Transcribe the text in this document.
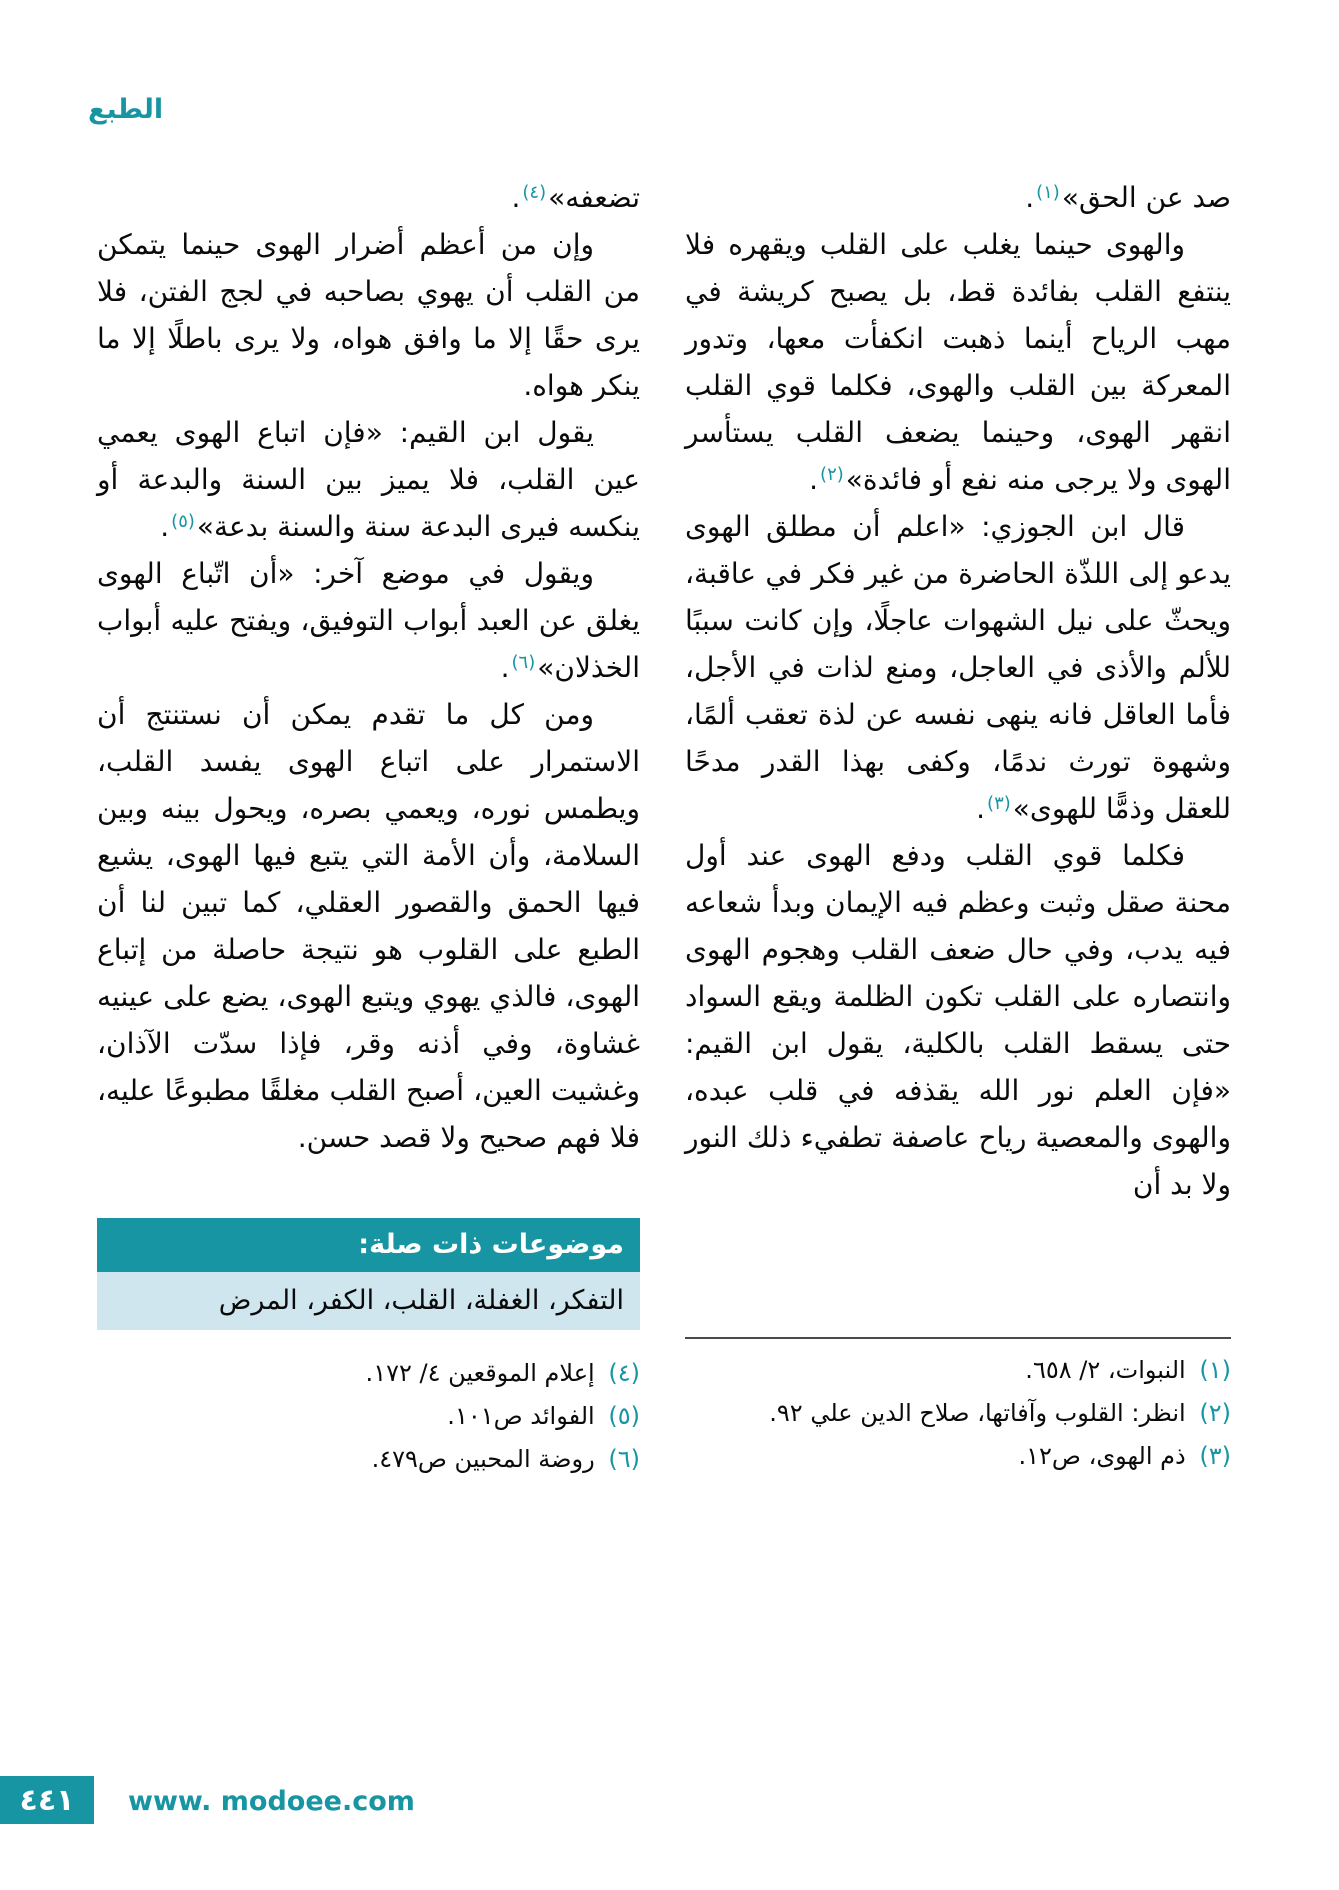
الطبع

صد عن الحق»$^{(١)}$.

والهوى حينما يغلب على القلب ويقهره فلا ينتفع القلب بفائدة قط، بل يصبح كريشة في مهب الرياح أينما ذهبت انكفأت معها، وتدور المعركة بين القلب والهوى، فكلما قوي القلب انقهر الهوى، وحينما يضعف القلب يستأسر الهوى ولا يرجى منه نفع أو فائدة»$^{(٢)}$.

قال ابن الجوزي: «اعلم أن مطلق الهوى يدعو إلى اللذّة الحاضرة من غير فكر في عاقبة، ويحثّ على نيل الشهوات عاجلًا، وإن كانت سببًا للألم والأذى في العاجل، ومنع لذات في الأجل، فأما العاقل فانه ينهى نفسه عن لذة تعقب ألمًا، وشهوة تورث ندمًا، وكفى بهذا القدر مدحًا للعقل وذمًّا للهوى»$^{(٣)}$.

فكلما قوي القلب ودفع الهوى عند أول محنة صقل وثبت وعظم فيه الإيمان وبدأ شعاعه فيه يدب، وفي حال ضعف القلب وهجوم الهوى وانتصاره على القلب تكون الظلمة ويقع السواد حتى يسقط القلب بالكلية، يقول ابن القيم: «فإن العلم نور الله يقذفه في قلب عبده، والهوى والمعصية رياح عاصفة تطفيء ذلك النور ولا بد أن

تضعفه»$^{(٤)}$.

وإن من أعظم أضرار الهوى حينما يتمكن من القلب أن يهوي بصاحبه في لجج الفتن، فلا يرى حقًا إلا ما وافق هواه، ولا يرى باطلًا إلا ما ينكر هواه.

يقول ابن القيم: «فإن اتباع الهوى يعمي عين القلب، فلا يميز بين السنة والبدعة أو ينكسه فيرى البدعة سنة والسنة بدعة»$^{(٥)}$.

ويقول في موضع آخر: «أن اتّباع الهوى يغلق عن العبد أبواب التوفيق، ويفتح عليه أبواب الخذلان»$^{(٦)}$.

ومن كل ما تقدم يمكن أن نستنتج أن الاستمرار على اتباع الهوى يفسد القلب، ويطمس نوره، ويعمي بصره، ويحول بينه وبين السلامة، وأن الأمة التي يتبع فيها الهوى، يشيع فيها الحمق والقصور العقلي، كما تبين لنا أن الطبع على القلوب هو نتيجة حاصلة من إتباع الهوى، فالذي يهوي ويتبع الهوى، يضع على عينيه غشاوة، وفي أذنه وقر، فإذا سدّت الآذان، وغشيت العين، أصبح القلب مغلقًا مطبوعًا عليه، فلا فهم صحيح ولا قصد حسن.

موضوعات ذات صلة:
التفكر، الغفلة، القلب، الكفر، المرض
(١) النبوات، ٢/ ٦٥٨.
(٢) انظر: القلوب وآفاتها، صلاح الدين علي ٩٢.
(٣) ذم الهوى، ص١٢.
(٤) إعلام الموقعين ٤/ ١٧٢.
(٥) الفوائد ص١٠١.
(٦) روضة المحبين ص٤٧٩.
٤٤١ www. modoee.com
